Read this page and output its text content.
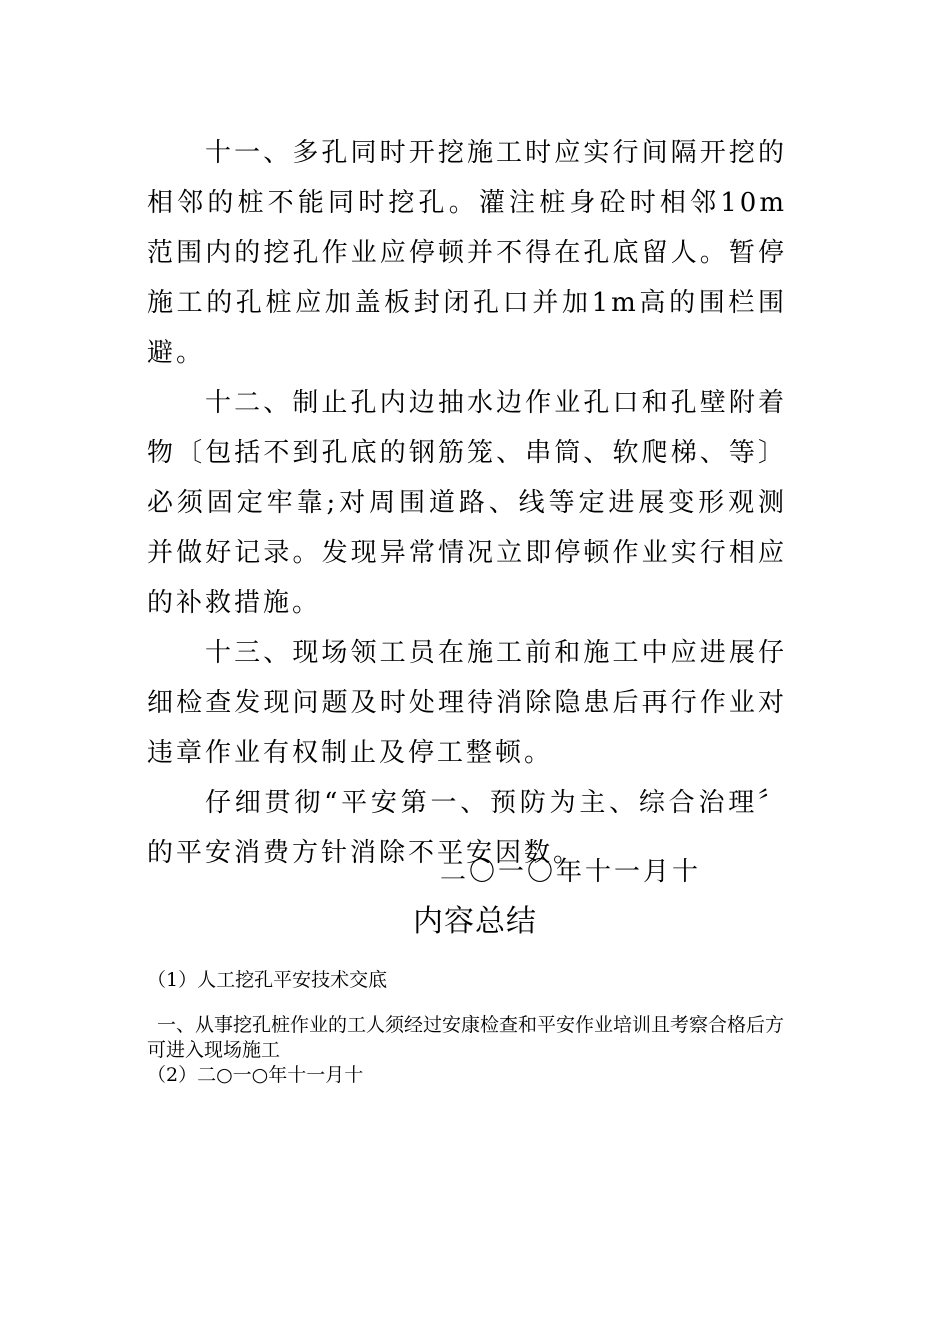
十一、多孔同时开挖施工时应实行间隔开挖的相邻的桩不能同时挖孔。灌注桩身砼时相邻10m范围内的挖孔作业应停顿并不得在孔底留人。暂停施工的孔桩应加盖板封闭孔口并加1m高的围栏围避。

十二、制止孔内边抽水边作业孔口和孔壁附着物〔包括不到孔底的钢筋笼、串筒、软爬梯、等〕必须固定牢靠;对周围道路、线等定进展变形观测并做好记录。发现异常情况立即停顿作业实行相应的补救措施。

十三、现场领工员在施工前和施工中应进展仔细检查发现问题及时处理待消除隐患后再行作业对违章作业有权制止及停工整顿。

仔细贯彻“平安第一、预防为主、综合治理〞的平安消费方针消除不平安因数。

二〇一〇年十一月十
内容总结

（1）人工挖孔平安技术交底

一、从事挖孔桩作业的工人须经过安康检查和平安作业培训且考察合格后方可进入现场施工

（2）二○一○年十一月十
